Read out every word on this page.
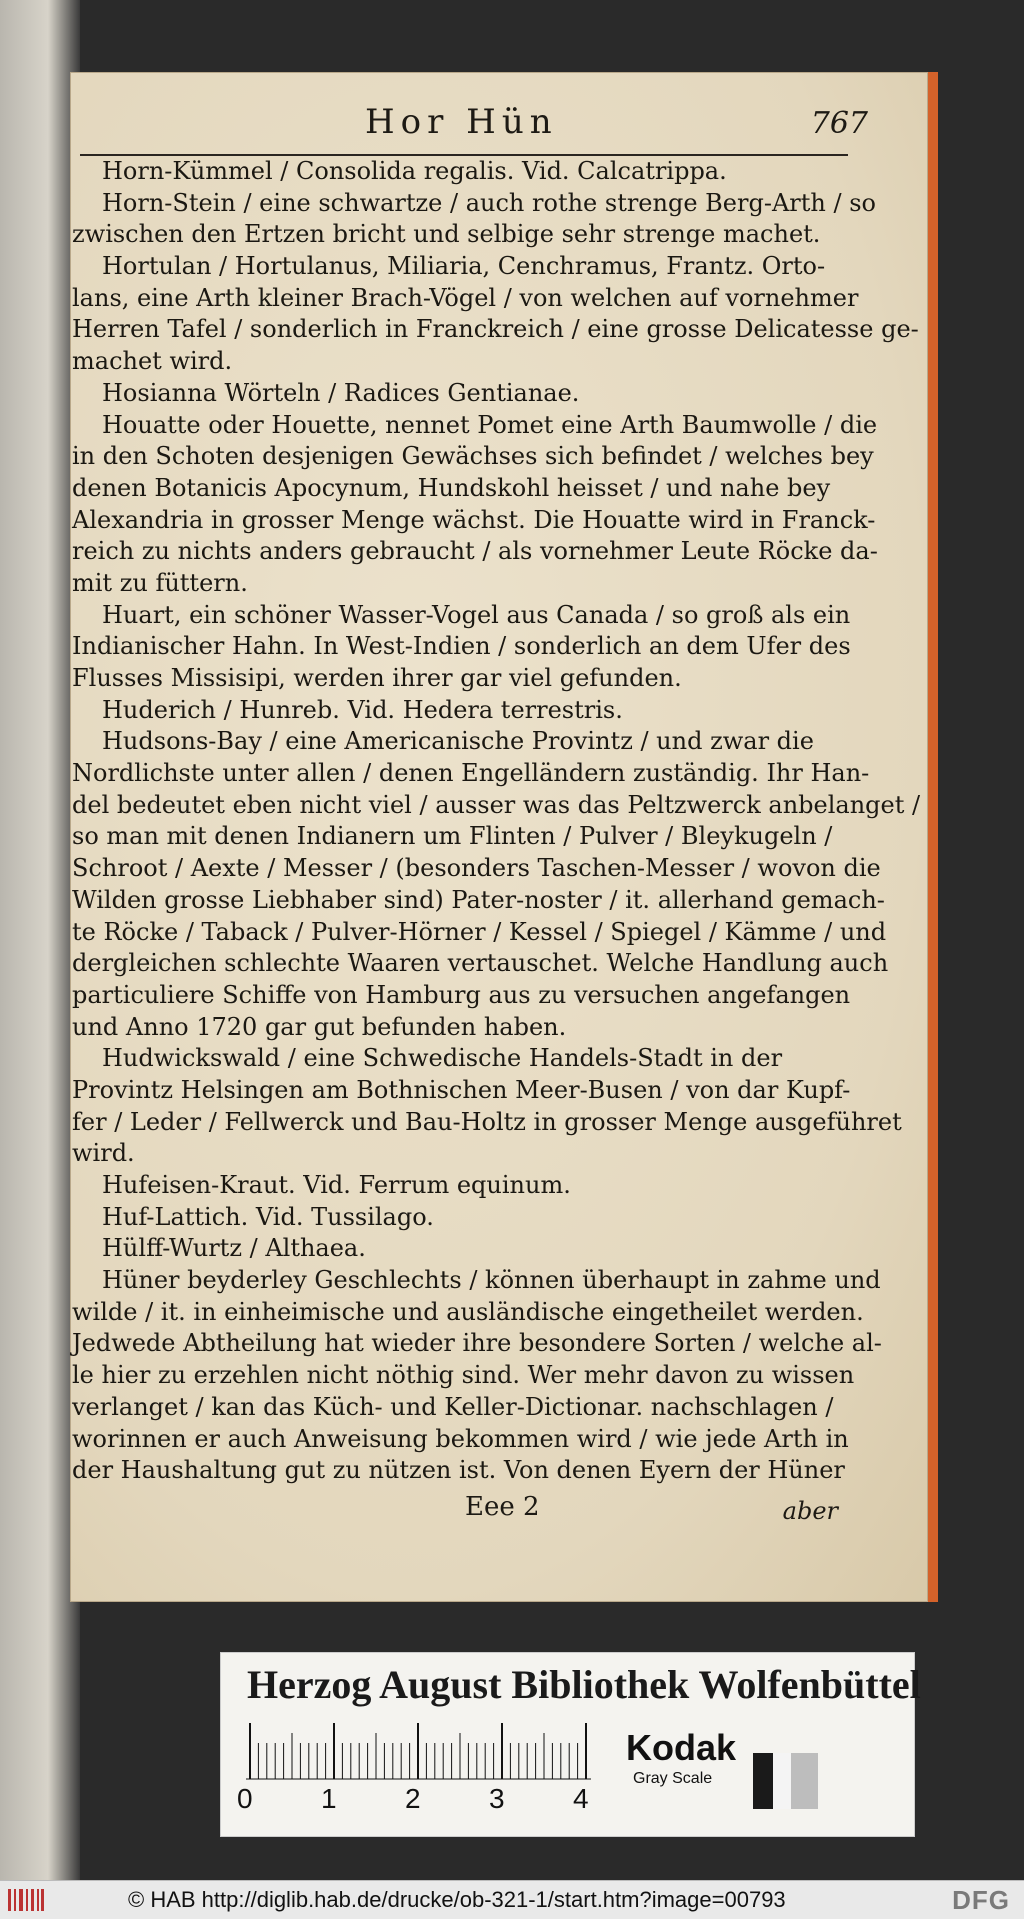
Hor Hün	767
Horn-Kümmel / Consolida regalis. Vid. Calcatrippa.
Horn-Stein / eine schwartze / auch rothe strenge Berg-Arth / so
zwischen den Ertzen bricht und selbige sehr strenge machet.
Hortulan / Hortulanus, Miliaria, Cenchramus, Frantz. Orto-
lans, eine Arth kleiner Brach-Vögel / von welchen auf vornehmer
Herren Tafel / sonderlich in Franckreich / eine grosse Delicatesse ge-
machet wird.
Hosianna Wörteln / Radices Gentianae.
Houatte oder Houette, nennet Pomet eine Arth Baumwolle / die
in den Schoten desjenigen Gewächses sich befindet / welches bey
denen Botanicis Apocynum, Hundskohl heisset / und nahe bey
Alexandria in grosser Menge wächst. Die Houatte wird in Franck-
reich zu nichts anders gebraucht / als vornehmer Leute Röcke da-
mit zu füttern.
Huart, ein schöner Wasser-Vogel aus Canada / so groß als ein
Indianischer Hahn. In West-Indien / sonderlich an dem Ufer des
Flusses Missisipi, werden ihrer gar viel gefunden.
Huderich / Hunreb. Vid. Hedera terrestris.
Hudsons-Bay / eine Americanische Provintz / und zwar die
Nordlichste unter allen / denen Engelländern zuständig. Ihr Han-
del bedeutet eben nicht viel / ausser was das Peltzwerck anbelanget /
so man mit denen Indianern um Flinten / Pulver / Bleykugeln /
Schroot / Aexte / Messer / (besonders Taschen-Messer / wovon die
Wilden grosse Liebhaber sind) Pater-noster / it. allerhand gemach-
te Röcke / Taback / Pulver-Hörner / Kessel / Spiegel / Kämme / und
dergleichen schlechte Waaren vertauschet. Welche Handlung auch
particuliere Schiffe von Hamburg aus zu versuchen angefangen
und Anno 1720 gar gut befunden haben.
Hudwickswald / eine Schwedische Handels-Stadt in der
Provintz Helsingen am Bothnischen Meer-Busen / von dar Kupf-
fer / Leder / Fellwerck und Bau-Holtz in grosser Menge ausgeführet
wird.
Hufeisen-Kraut. Vid. Ferrum equinum.
Huf-Lattich. Vid. Tussilago.
Hülff-Wurtz / Althaea.
Hüner beyderley Geschlechts / können überhaupt in zahme und
wilde / it. in einheimische und ausländische eingetheilet werden.
Jedwede Abtheilung hat wieder ihre besondere Sorten / welche al-
le hier zu erzehlen nicht nöthig sind. Wer mehr davon zu wissen
verlanget / kan das Küch- und Keller-Dictionar. nachschlagen /
worinnen er auch Anweisung bekommen wird / wie jede Arth in
der Haushaltung gut zu nützen ist. Von denen Eyern der Hüner
Eee 2	aber
Herzog August Bibliothek Wolfenbüttel
0 1 2 3 4
Kodak
Gray Scale
© HAB http://diglib.hab.de/drucke/ob-321-1/start.htm?image=00793	DFG
